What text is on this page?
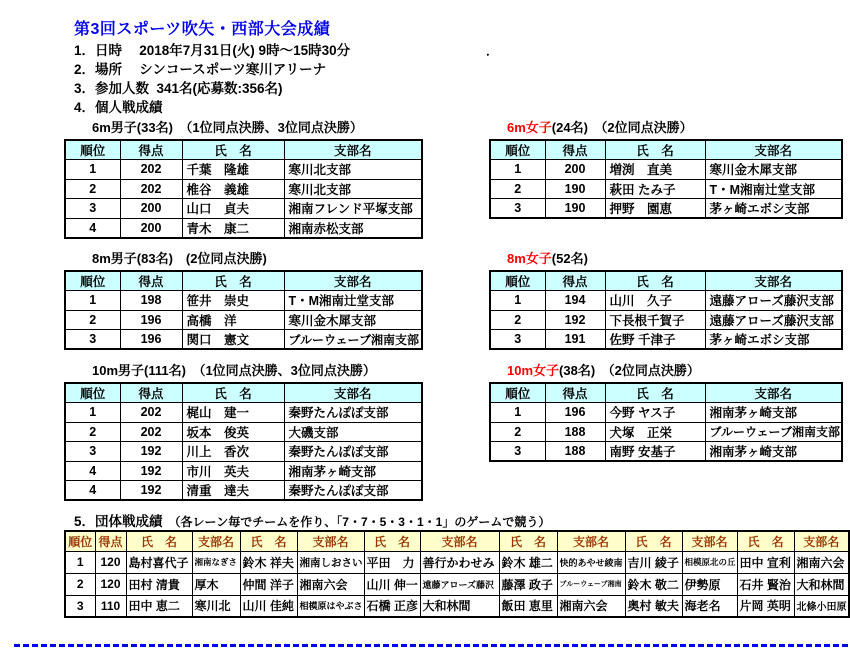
第3回スポーツ吹矢・西部大会成績
1．日時　 2018年7月31日(火) 9時～15時30分
2．場所　 シンコースポーツ寒川アリーナ
3．参加人数  341名(応募数:356名)
4．個人戦成績
．
6m男子(33名)　（1位同点決勝、3位同点決勝）
順位	得点	氏　名	支部名
1	202	千葉　隆雄	寒川北支部
2	202	椎谷　義雄	寒川北支部
3	200	山口　貞夫	湘南フレンド平塚支部
4	200	青木　康二	湘南赤松支部
6m女子(24名)　（2位同点決勝）
順位	得点	氏　名	支部名
1	200	増渕　直美	寒川金木犀支部
2	190	萩田 たみ子	T・M湘南辻堂支部
3	190	押野　園恵	茅ヶ崎エボシ支部
8m男子(83名)　(2位同点決勝)
順位	得点	氏　名	支部名
1	198	笹井　崇史	T・M湘南辻堂支部
2	196	高橋　洋	寒川金木犀支部
3	196	関口　憲文	ブルーウェーブ湘南支部
8m女子(52名)
順位	得点	氏　名	支部名
1	194	山川　久子	遠藤アローズ藤沢支部
2	192	下長根千賀子	遠藤アローズ藤沢支部
3	191	佐野 千津子	茅ヶ崎エボシ支部
10m男子(111名)　（1位同点決勝、3位同点決勝）
順位	得点	氏　名	支部名
1	202	梶山　建一	秦野たんぽぽ支部
2	202	坂本　俊英	大磯支部
3	192	川上　香次	秦野たんぽぽ支部
4	192	市川　英夫	湘南茅ヶ崎支部
4	192	清重　達夫	秦野たんぽぽ支部
10m女子(38名)　（2位同点決勝）
順位	得点	氏　名	支部名
1	196	今野 ヤス子	湘南茅ヶ崎支部
2	188	犬塚　正栄	ブルーウェーブ湘南支部
3	188	南野 安基子	湘南茅ヶ崎支部
5．団体戦成績　（各レーン毎でチームを作り、「7・7・5・3・1・1」のゲームで競う）
順位	得点	氏　名	支部名	氏　名	支部名	氏　名	支部名	氏　名	支部名	氏　名	支部名	氏　名	支部名
1	120	島村喜代子	湘南なぎさ	鈴木 祥夫	湘南しおさい	平田　力	善行かわせみ	鈴木 雄二	快的あやせ綾南	吉川 綾子	相模原北の丘	田中 宣利	湘南六会
2	120	田村 清貴	厚木	仲間 洋子	湘南六会	山川 伸一	遠藤アローズ藤沢	藤澤 政子	ブルーウェーブ湘南	鈴木 敬二	伊勢原	石井 賢治	大和林間
3	110	田中 恵二	寒川北	山川 佳純	相模原はやぶさ	石橋 正彦	大和林間	飯田 恵里	湘南六会	奥村 敏夫	海老名	片岡 英明	北條小田原
